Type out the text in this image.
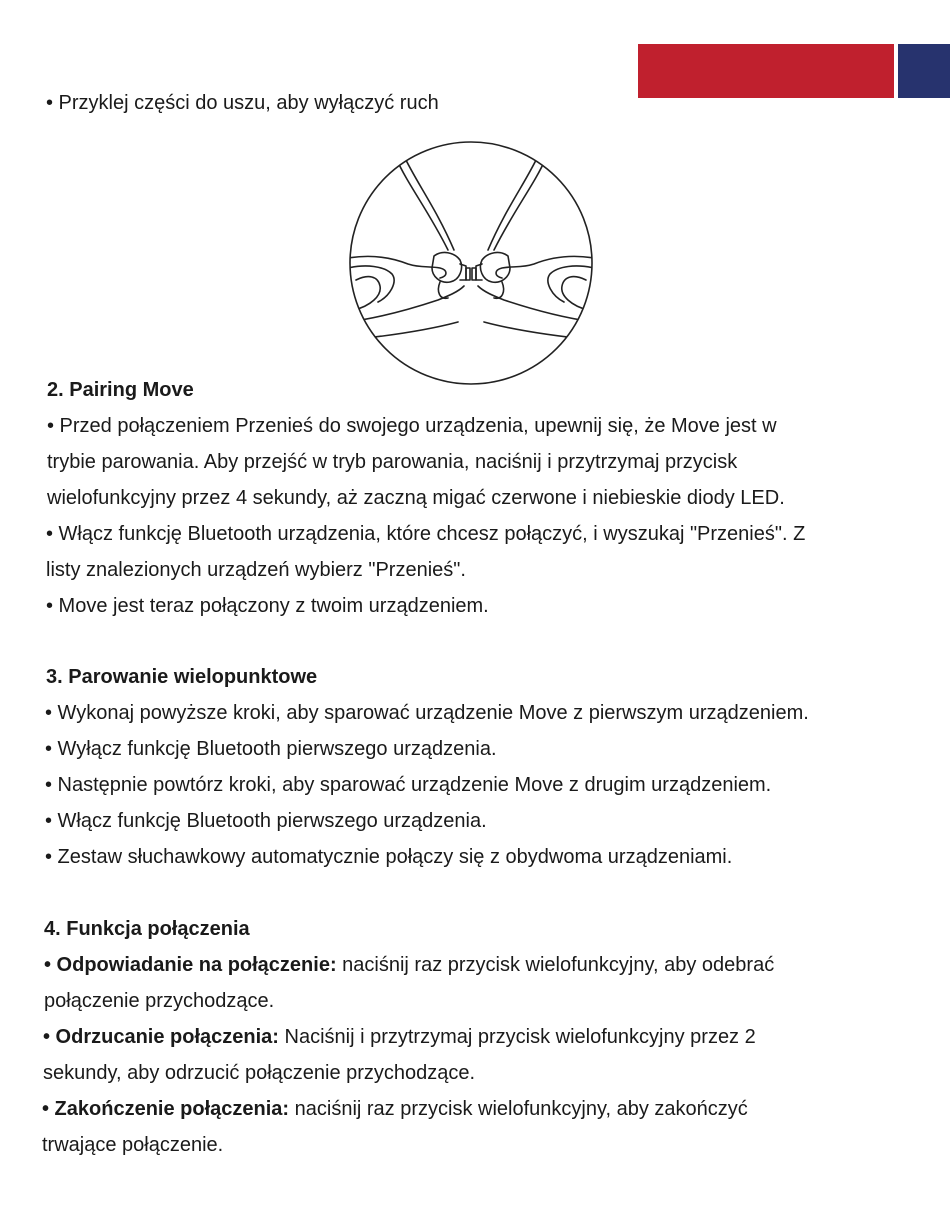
• Przyklej części do uszu, aby wyłączyć ruch
2. Pairing Move
• Przed połączeniem Przenieś do swojego urządzenia, upewnij się, że Move jest w
trybie parowania. Aby przejść w tryb parowania, naciśnij i przytrzymaj przycisk
wielofunkcyjny przez 4 sekundy, aż zaczną migać czerwone i niebieskie diody LED.
• Włącz funkcję Bluetooth urządzenia, które chcesz połączyć, i wyszukaj "Przenieś". Z
listy znalezionych urządzeń wybierz "Przenieś".
• Move jest teraz połączony z twoim urządzeniem.
3. Parowanie wielopunktowe
• Wykonaj powyższe kroki, aby sparować urządzenie Move z pierwszym urządzeniem.
• Wyłącz funkcję Bluetooth pierwszego urządzenia.
• Następnie powtórz kroki, aby sparować urządzenie Move z drugim urządzeniem.
• Włącz funkcję Bluetooth pierwszego urządzenia.
• Zestaw słuchawkowy automatycznie połączy się z obydwoma urządzeniami.
4. Funkcja połączenia
• Odpowiadanie na połączenie: naciśnij raz przycisk wielofunkcyjny, aby odebrać
połączenie przychodzące.
• Odrzucanie połączenia: Naciśnij i przytrzymaj przycisk wielofunkcyjny przez 2
sekundy, aby odrzucić połączenie przychodzące.
• Zakończenie połączenia: naciśnij raz przycisk wielofunkcyjny, aby zakończyć
trwające połączenie.
